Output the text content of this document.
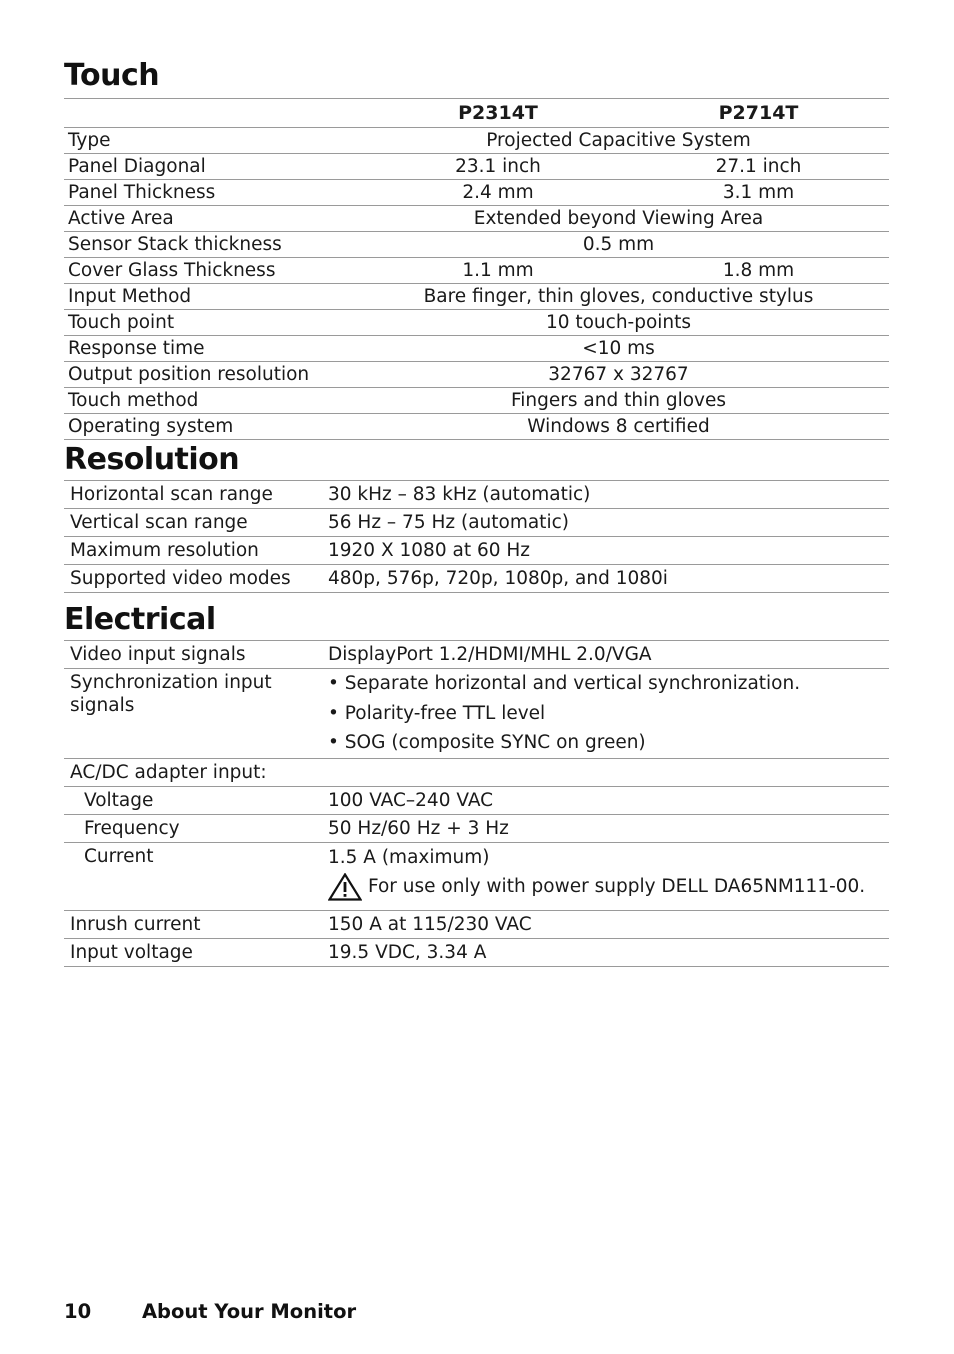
Touch
	P2314T	P2714T
Type	Projected Capacitive System	
Panel Diagonal	23.1 inch	27.1 inch
Panel Thickness	2.4 mm	3.1 mm
Active Area	Extended beyond Viewing Area	
Sensor Stack thickness	0.5 mm	
Cover Glass Thickness	1.1 mm	1.8 mm
Input Method	Bare finger, thin gloves, conductive stylus	
Touch point	10 touch-points	
Response time	<10 ms	
Output position resolution	32767 x 32767	
Touch method	Fingers and thin gloves	
Operating system	Windows 8 certified	
Resolution
Horizontal scan range	30 kHz – 83 kHz (automatic)
Vertical scan range	56 Hz – 75 Hz (automatic)
Maximum resolution	1920 X 1080 at 60 Hz
Supported video modes	480p, 576p, 720p, 1080p, and 1080i
Electrical
Video input signals	DisplayPort 1.2/HDMI/MHL 2.0/VGA
Synchronization input signals	• Separate horizontal and vertical synchronization.
• Polarity-free TTL level
• SOG (composite SYNC on green)

AC/DC adapter input:	
Voltage	100 VAC–240 VAC
Frequency	50 Hz/60 Hz + 3 Hz
Current	1.5 A (maximum)
For use only with power supply DELL DA65NM111-00.

Inrush current	150 A at 115/230 VAC
Input voltage	19.5 VDC, 3.34 A
10	About Your Monitor
